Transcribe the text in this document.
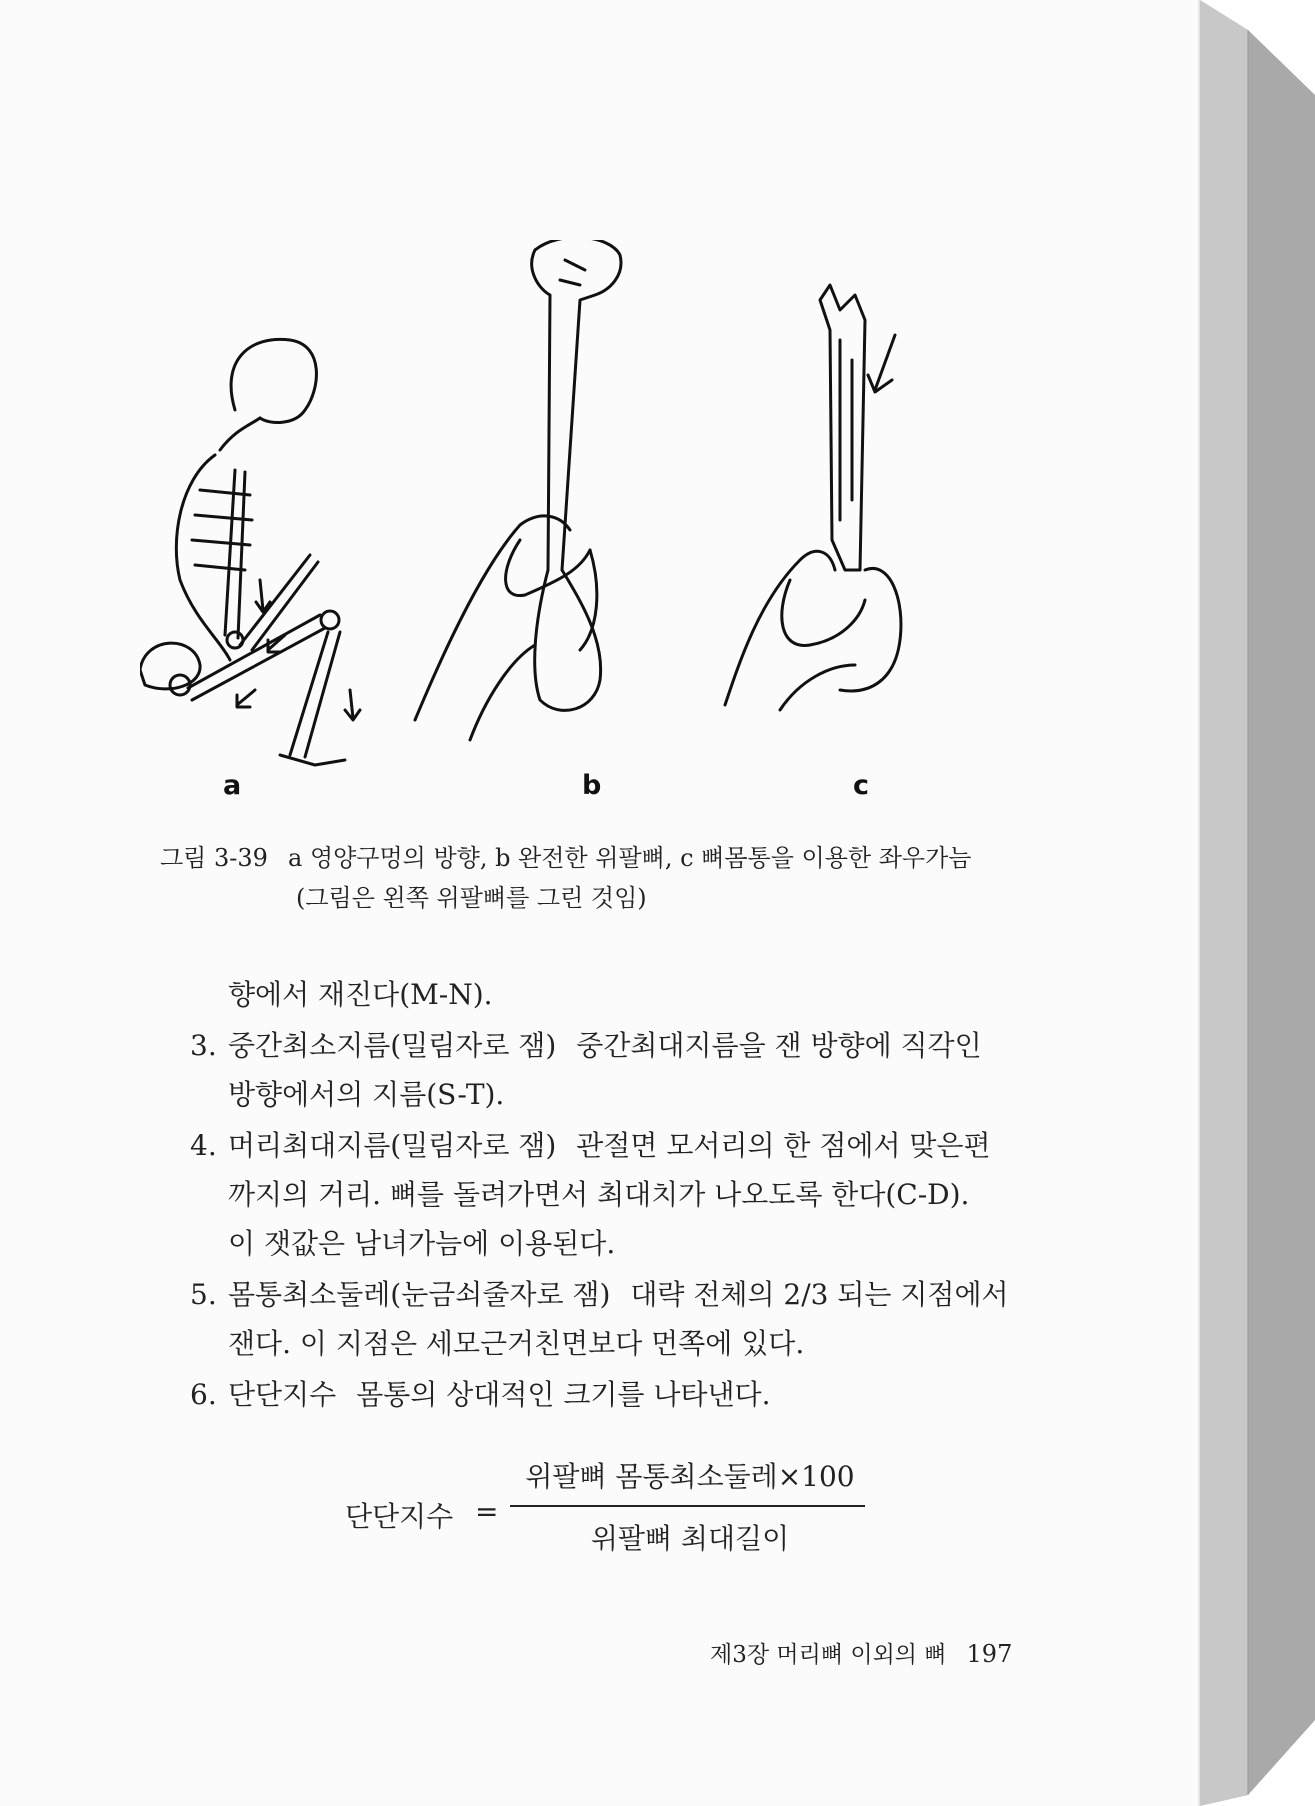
a	b	c
그림 3-39 a 영양구멍의 방향, b 완전한 위팔뼈, c 뼈몸통을 이용한 좌우가늠
(그림은 왼쪽 위팔뼈를 그린 것임)

향에서 재진다(M-N).

3. 중간최소지름(밀림자로 잼) 중간최대지름을 잰 방향에 직각인

방향에서의 지름(S-T).

4. 머리최대지름(밀림자로 잼) 관절면 모서리의 한 점에서 맞은편

까지의 거리. 뼈를 돌려가면서 최대치가 나오도록 한다(C-D).

이 잿값은 남녀가늠에 이용된다.

5. 몸통최소둘레(눈금쇠줄자로 잼) 대략 전체의 2/3 되는 지점에서

잰다. 이 지점은 세모근거친면보다 먼쪽에 있다.

6. 단단지수 몸통의 상대적인 크기를 나타낸다.
단단지수 =
위팔뼈 몸통최소둘레×100
위팔뼈 최대길이
제3장 머리뼈 이외의 뼈 197
